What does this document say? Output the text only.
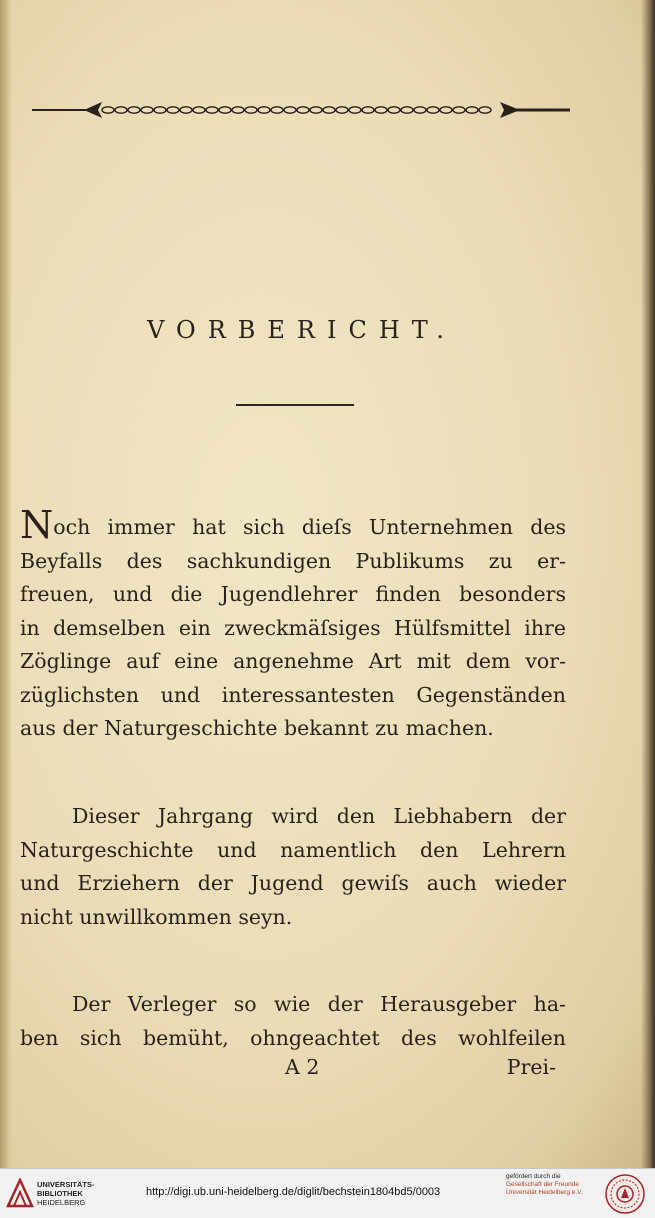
VORBERICHT.
Noch immer hat sich dieſs Unternehmen des
Beyfalls des sachkundigen Publikums zu er-
freuen, und die Jugendlehrer finden besonders
in demselben ein zweckmäſsiges Hülfsmittel ihre
Zöglinge auf eine angenehme Art mit dem vor-
züglichsten und interessantesten Gegenständen
aus der Naturgeschichte bekannt zu machen.
Dieser Jahrgang wird den Liebhabern der
Naturgeschichte und namentlich den Lehrern
und Erziehern der Jugend gewiſs auch wieder
nicht unwillkommen seyn.
Der Verleger so wie der Herausgeber ha-
ben sich bemüht, ohngeachtet des wohlfeilen
A 2	Prei-
UNIVERSITÄTS-
BIBLIOTHEK
HEIDELBERG
http://digi.ub.uni-heidelberg.de/diglit/bechstein1804bd5/0003
gefördert durch die
Gesellschaft der Freunde
Universität Heidelberg e.V.
